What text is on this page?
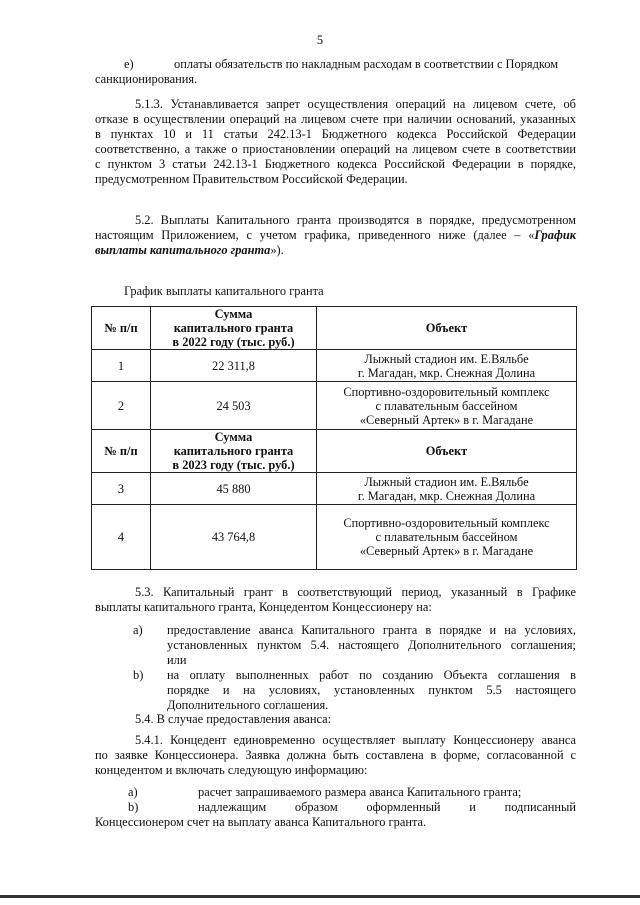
5
е)	оплаты обязательств по накладным расходам в соответствии с Порядком
санкционирования.
5.1.3. Устанавливается запрет осуществления операций на лицевом счете, об
отказе в осуществлении операций на лицевом счете при наличии оснований, указанных
в пунктах 10 и 11 статьи 242.13-1 Бюджетного кодекса Российской Федерации
соответственно, а также о приостановлении операций на лицевом счете в соответствии
с пунктом 3 статьи 242.13-1 Бюджетного кодекса Российской Федерации в порядке,
предусмотренном Правительством Российской Федерации.
5.2. Выплаты Капитального гранта производятся в порядке, предусмотренном
настоящим Приложением, с учетом графика, приведенного ниже (далее – «График
выплаты капитального гранта»).
График выплаты капитального гранта
№ п/п	Сумма
капитального гранта
в 2022 году (тыс. руб.)	Объект
1	22 311,8	Лыжный стадион им. Е.Вяльбе
г. Магадан, мкр. Снежная Долина

2	24 503	Спортивно-оздоровительный комплекс
с плавательным бассейном
«Северный Артек» в г. Магадане

№ п/п	Сумма
капитального гранта
в 2023 году (тыс. руб.)	Объект
3	45 880	Лыжный стадион им. Е.Вяльбе
г. Магадан, мкр. Снежная Долина

4	43 764,8	Спортивно-оздоровительный комплекс
с плавательным бассейном
«Северный Артек» в г. Магадане
5.3. Капитальный грант в соответствующий период, указанный в Графике
выплаты капитального гранта, Концедентом Концессионеру на:
a) предоставление аванса Капитального гранта в порядке и на условиях,
установленных пунктом 5.4. настоящего Дополнительного соглашения;
или
b) на оплату выполненных работ по созданию Объекта соглашения в
порядке и на условиях, установленных пунктом 5.5 настоящего
Дополнительного соглашения.
5.4. В случае предоставления аванса:
5.4.1. Концедент единовременно осуществляет выплату Концессионеру аванса
по заявке Концессионера. Заявка должна быть составлена в форме, согласованной с
концедентом и включать следующую информацию:
a)	расчет запрашиваемого размера аванса Капитального гранта;
b)	надлежащим образом оформленный и подписанный
Концессионером счет на выплату аванса Капитального гранта.
